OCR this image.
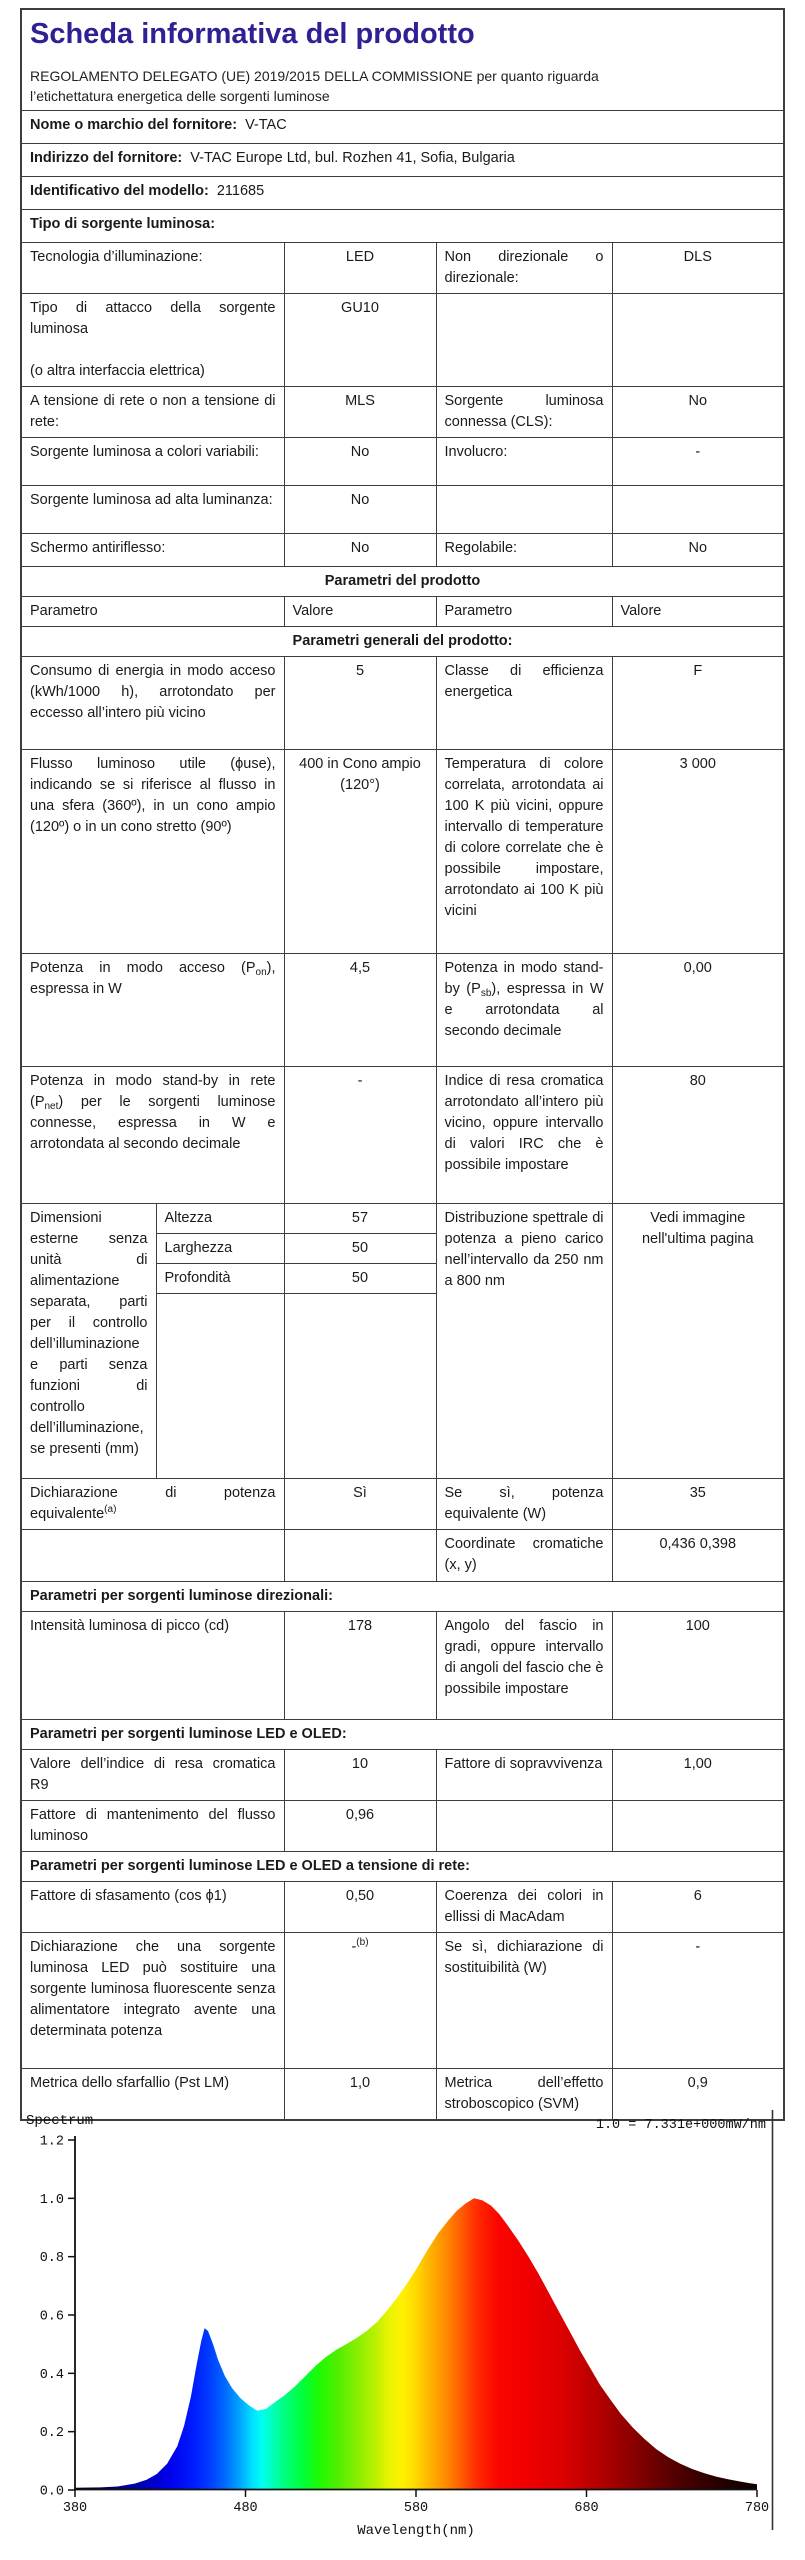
Scheda informativa del prodotto
REGOLAMENTO DELEGATO (UE) 2019/2015 DELLA COMMISSIONE per quanto riguarda l’etichettatura energetica delle sorgenti luminose				

Nome o marchio del fornitore: V-TAC				
Indirizzo del fornitore: V-TAC Europe Ltd, bul. Rozhen 41, Sofia, Bulgaria				
Identificativo del modello: 211685				
Tipo di sorgente luminosa:				
Tecnologia d’illuminazione:		LED	Non direzionale o direzionale:	DLS
Tipo di attacco della sorgente luminosa

(o altra interfaccia elettrica)		GU10		
A tensione di rete o non a tensione di rete:		MLS	Sorgente luminosa connessa (CLS):	No
Sorgente luminosa a colori variabili:		No	Involucro:	-
Sorgente luminosa ad alta luminanza:		No		
Schermo antiriflesso:		No	Regolabile:	No
Parametri del prodotto				
Parametro		Valore	Parametro	Valore
Parametri generali del prodotto:				
Consumo di energia in modo acceso (kWh/1000 h), arrotondato per eccesso all’intero più vicino		5	Classe di efficienza energetica	F
Flusso luminoso utile (ϕuse), indicando se si riferisce al flusso in una sfera (360º), in un cono ampio (120º) o in un cono stretto (90º)		400 in Cono ampio (120°)	Temperatura di colore correlata, arrotondata ai 100 K più vicini, oppure intervallo di temperature di colore correlate che è possibile impostare, arrotondato ai 100 K più vicini	3 000
Potenza in modo acceso $(P_{on})$, espressa in W		4,5	Potenza in modo stand-by $(P_{sb})$, espressa in W e arrotondata al secondo decimale	0,00
Potenza in modo stand-by in rete $(P_{net})$ per le sorgenti luminose connesse, espressa in W e arrotondata al secondo decimale		-	Indice di resa cromatica arrotondato all’intero più vicino, oppure intervallo di valori IRC che è possibile impostare	80
Dimensioni esterne senza unità di alimentazione separata, parti per il controllo dell’illuminazione e parti senza funzioni di controllo dell’illuminazione, se presenti (mm)	Altezza	57	Distribuzione spettrale di potenza a pieno carico nell’intervallo da 250 nm a 800 nm	Vedi immagine nell'ultima pagina
	Larghezza	50		
	Profondità	50		

Dichiarazione di potenza equivalente$^{(a)}$		Sì	Se sì, potenza equivalente (W)	35
			Coordinate cromatiche (x, y)	0,436 0,398
Parametri per sorgenti luminose direzionali:				
Intensità luminosa di picco (cd)		178	Angolo del fascio in gradi, oppure intervallo di angoli del fascio che è possibile impostare	100
Parametri per sorgenti luminose LED e OLED:				
Valore dell’indice di resa cromatica R9		10	Fattore di sopravvivenza	1,00
Fattore di mantenimento del flusso luminoso		0,96		
Parametri per sorgenti luminose LED e OLED a tensione di rete:				
Fattore di sfasamento (cos ϕ1)		0,50	Coerenza dei colori in ellissi di MacAdam	6
Dichiarazione che una sorgente luminosa LED può sostituire una sorgente luminosa fluorescente senza alimentatore integrato avente una determinata potenza		-$^{(b)}$	Se sì, dichiarazione di sostituibilità (W)	-
Metrica dello sfarfallio (Pst LM)		1,0	Metrica dell’effetto stroboscopico (SVM)	0,9
0.0
0.2
0.4
0.6
0.8
1.0
1.2
380	480	580	680	780
Spectrum	1.0 = 7.331e+000mW/nm
Wavelength(nm)
